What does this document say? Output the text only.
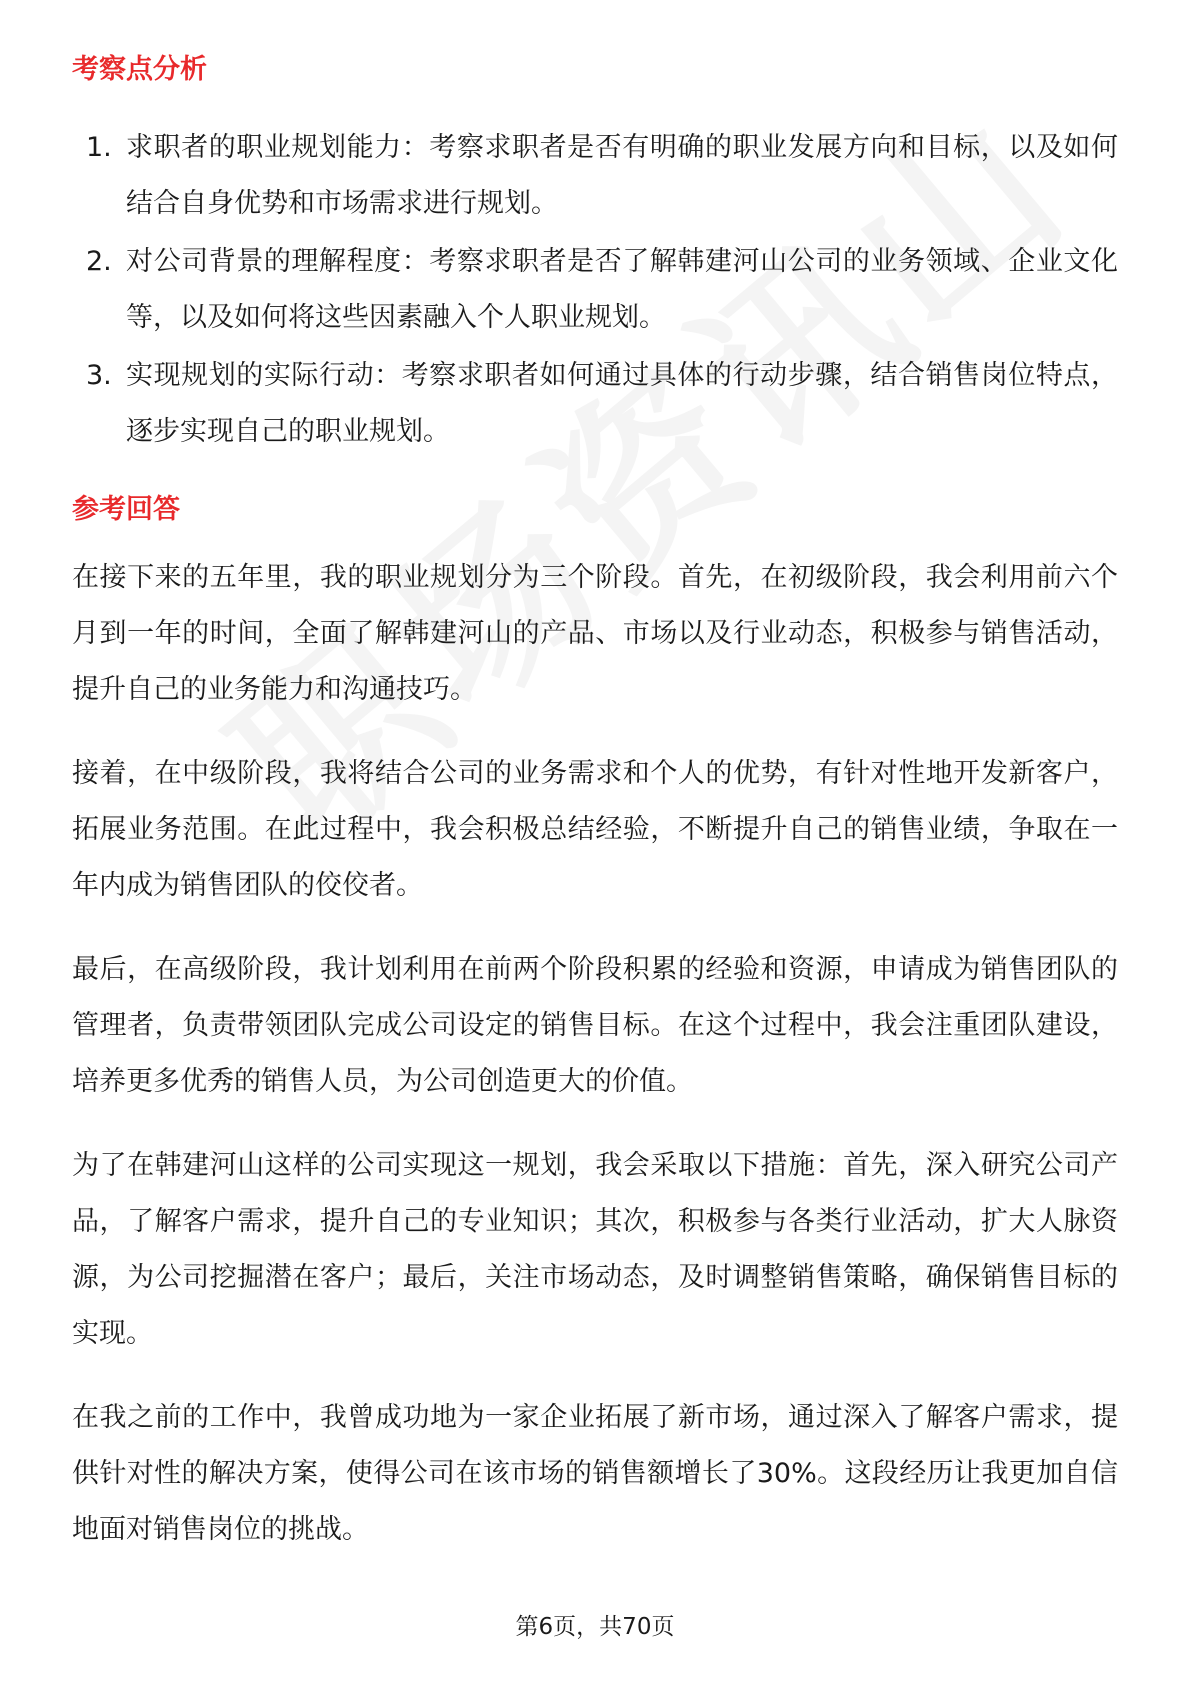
考察点分析
1. 求职者的职业规划能力：考察求职者是否有明确的职业发展方向和目标，以及如何结合自身优势和市场需求进行规划。
2. 对公司背景的理解程度：考察求职者是否了解韩建河山公司的业务领域、企业文化等，以及如何将这些因素融入个人职业规划。
3. 实现规划的实际行动：考察求职者如何通过具体的行动步骤，结合销售岗位特点，逐步实现自己的职业规划。
参考回答

在接下来的五年里，我的职业规划分为三个阶段。首先，在初级阶段，我会利用前六个月到一年的时间，全面了解韩建河山的产品、市场以及行业动态，积极参与销售活动，提升自己的业务能力和沟通技巧。

接着，在中级阶段，我将结合公司的业务需求和个人的优势，有针对性地开发新客户，拓展业务范围。在此过程中，我会积极总结经验，不断提升自己的销售业绩，争取在一年内成为销售团队的佼佼者。

最后，在高级阶段，我计划利用在前两个阶段积累的经验和资源，申请成为销售团队的管理者，负责带领团队完成公司设定的销售目标。在这个过程中，我会注重团队建设，培养更多优秀的销售人员，为公司创造更大的价值。

为了在韩建河山这样的公司实现这一规划，我会采取以下措施：首先，深入研究公司产品，了解客户需求，提升自己的专业知识；其次，积极参与各类行业活动，扩大人脉资源，为公司挖掘潜在客户；最后，关注市场动态，及时调整销售策略，确保销售目标的实现。

在我之前的工作中，我曾成功地为一家企业拓展了新市场，通过深入了解客户需求，提供针对性的解决方案，使得公司在该市场的销售额增长了30%。这段经历让我更加自信地面对销售岗位的挑战。

第6页，共70页
